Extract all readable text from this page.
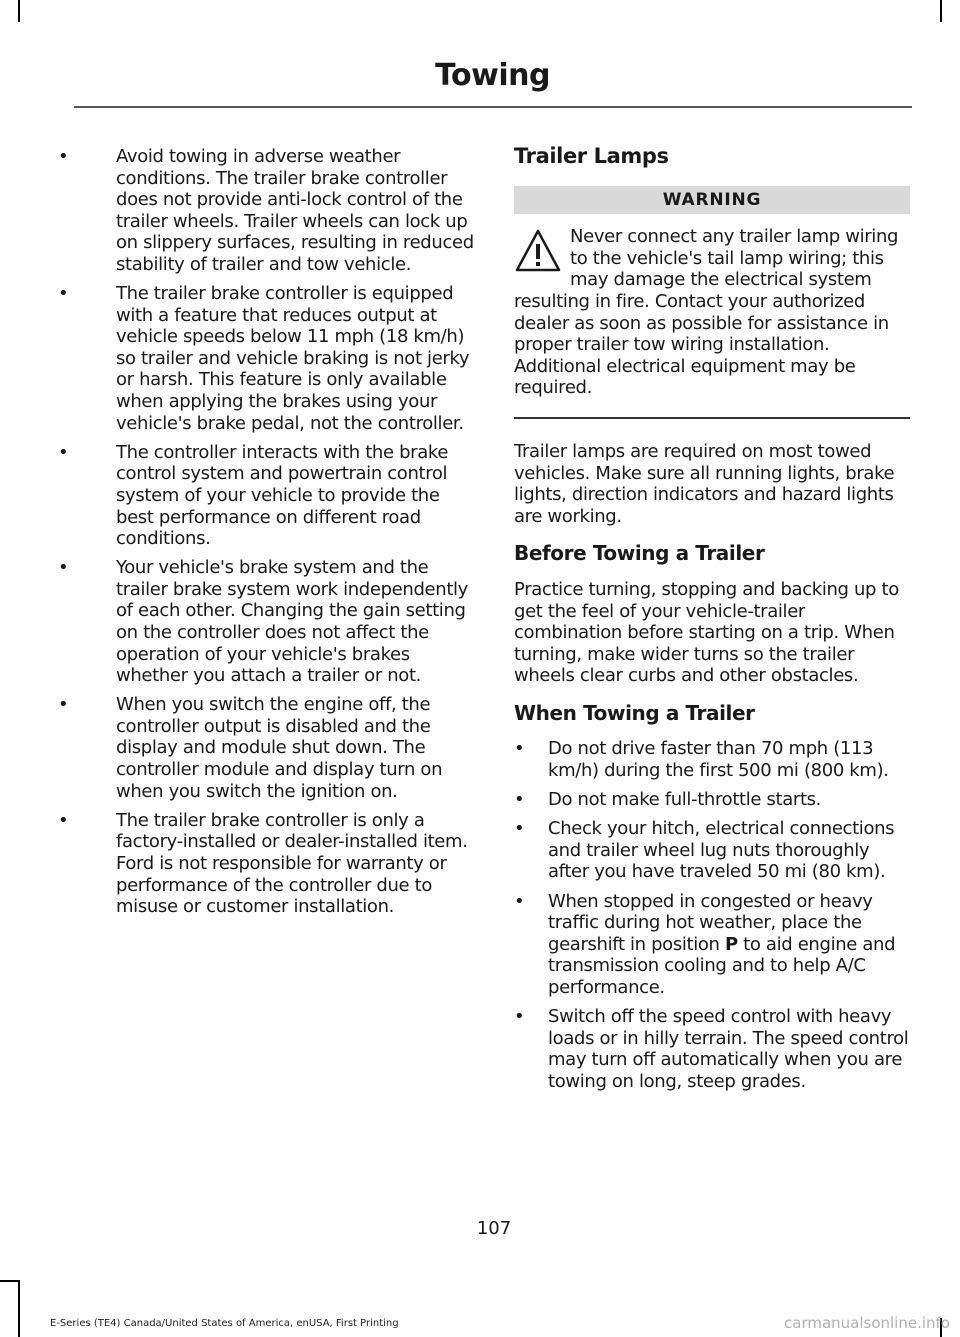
Towing
•	Avoid towing in adverse weather conditions. The trailer brake controller does not provide anti-lock control of the trailer wheels. Trailer wheels can lock up on slippery surfaces, resulting in reduced stability of trailer and tow vehicle.
•	The trailer brake controller is equipped with a feature that reduces output at vehicle speeds below 11 mph (18 km/h) so trailer and vehicle braking is not jerky or harsh. This feature is only available when applying the brakes using your vehicle's brake pedal, not the controller.
•	The controller interacts with the brake control system and powertrain control system of your vehicle to provide the best performance on different road conditions.
•	Your vehicle's brake system and the trailer brake system work independently of each other. Changing the gain setting on the controller does not affect the operation of your vehicle's brakes whether you attach a trailer or not.
•	When you switch the engine off, the controller output is disabled and the display and module shut down. The controller module and display turn on when you switch the ignition on.
•	The trailer brake controller is only a factory-installed or dealer-installed item. Ford is not responsible for warranty or performance of the controller due to misuse or customer installation.
Trailer Lamps
WARNING
Never connect any trailer lamp wiring to the vehicle's tail lamp wiring; this may damage the electrical system resulting in fire. Contact your authorized dealer as soon as possible for assistance in proper trailer tow wiring installation. Additional electrical equipment may be required.

Trailer lamps are required on most towed vehicles. Make sure all running lights, brake lights, direction indicators and hazard lights are working.

Before Towing a Trailer

Practice turning, stopping and backing up to get the feel of your vehicle-trailer combination before starting on a trip. When turning, make wider turns so the trailer wheels clear curbs and other obstacles.

When Towing a Trailer
• Do not drive faster than 70 mph (113 km/h) during the first 500 mi (800 km).
• Do not make full-throttle starts.
• Check your hitch, electrical connections and trailer wheel lug nuts thoroughly after you have traveled 50 mi (80 km).
• When stopped in congested or heavy traffic during hot weather, place the gearshift in position P to aid engine and transmission cooling and to help A/C performance.
• Switch off the speed control with heavy loads or in hilly terrain. The speed control may turn off automatically when you are towing on long, steep grades.
107
E-Series (TE4) Canada/United States of America, enUSA, First Printing	carmanualsonline.info
